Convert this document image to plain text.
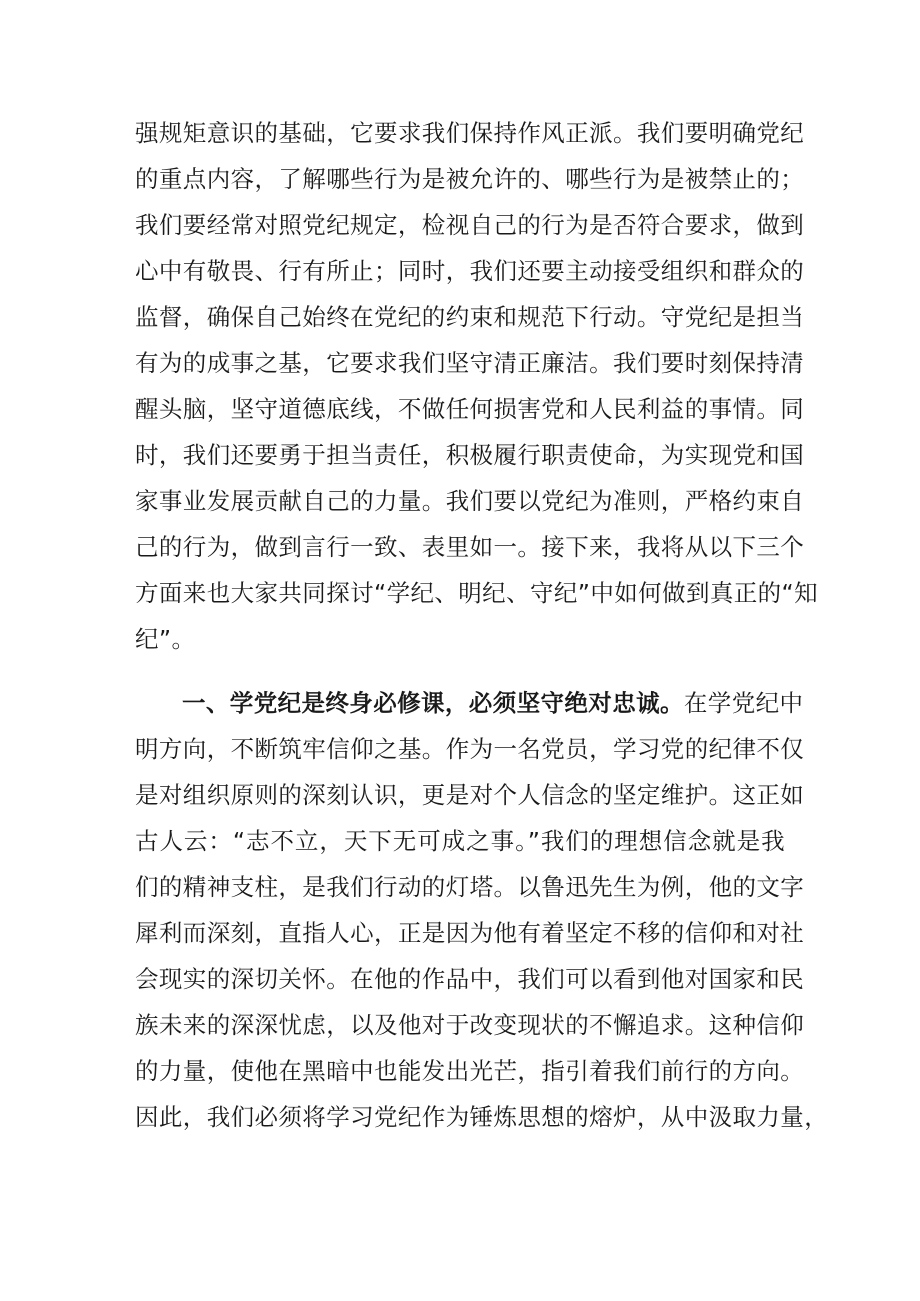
强规矩意识的基础，它要求我们保持作风正派。我们要明确党纪
的重点内容，了解哪些行为是被允许的、哪些行为是被禁止的；
我们要经常对照党纪规定，检视自己的行为是否符合要求，做到
心中有敬畏、行有所止；同时，我们还要主动接受组织和群众的
监督，确保自己始终在党纪的约束和规范下行动。守党纪是担当
有为的成事之基，它要求我们坚守清正廉洁。我们要时刻保持清
醒头脑，坚守道德底线，不做任何损害党和人民利益的事情。同
时，我们还要勇于担当责任，积极履行职责使命，为实现党和国
家事业发展贡献自己的力量。我们要以党纪为准则，严格约束自
己的行为，做到言行一致、表里如一。接下来，我将从以下三个
方面来也大家共同探讨“学纪、明纪、守纪”中如何做到真正的“知
纪”。
一、学党纪是终身必修课，必须坚守绝对忠诚。在学党纪中
明方向，不断筑牢信仰之基。作为一名党员，学习党的纪律不仅
是对组织原则的深刻认识，更是对个人信念的坚定维护。这正如
古人云：“志不立，天下无可成之事。”我们的理想信念就是我
们的精神支柱，是我们行动的灯塔。以鲁迅先生为例，他的文字
犀利而深刻，直指人心，正是因为他有着坚定不移的信仰和对社
会现实的深切关怀。在他的作品中，我们可以看到他对国家和民
族未来的深深忧虑，以及他对于改变现状的不懈追求。这种信仰
的力量，使他在黑暗中也能发出光芒，指引着我们前行的方向。
因此，我们必须将学习党纪作为锤炼思想的熔炉，从中汲取力量，
